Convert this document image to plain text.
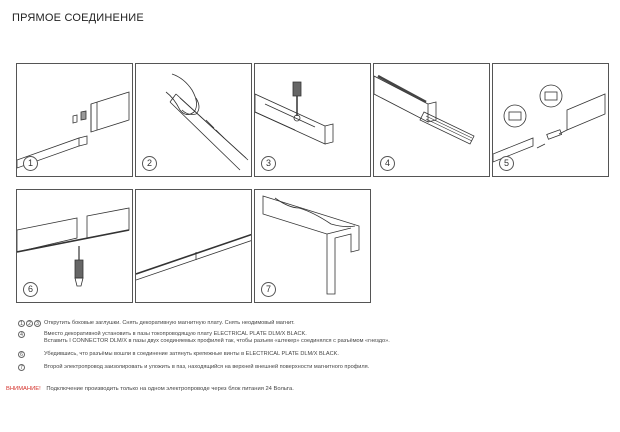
ПРЯМОЕ СОЕДИНЕНИЕ
1	2	3	4	5
6	7
1	2	3 Открутить боковые заглушки. Снять декоративную магнитную плату. Снять неодимовый магнит.
4	Вместо декоративной установить в пазы токопроводящую плату ELECTRICAL PLATE DLM/X BLACK.
Вставить I CONNECTOR DLM/X в пазы двух соединяемых профилей так, чтобы разъем «штекер» соединялся с разъёмом «гнездо».
6	Убедившись, что разъёмы вошли в соединение затянуть крепежные винты в ELECTRICAL PLATE DLM/X BLACK.
7	Второй электропровод заизолировать и уложить в паз, находящийся на верхней внешней поверхности магнитного профиля.
ВНИМАНИЕ! Подключение производить только на одном электропроводе через блок питания 24 Вольта.
